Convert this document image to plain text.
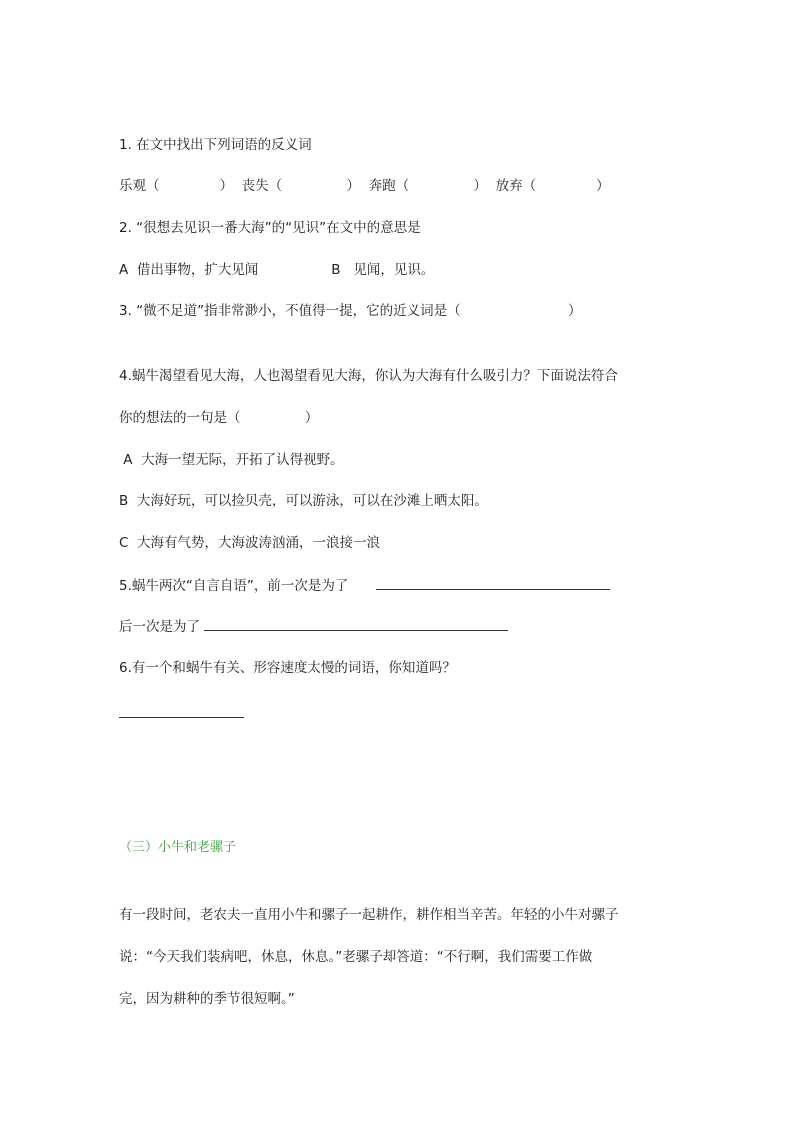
1. 在文中找出下列词语的反义词
乐观（              ）  丧失（               ）  奔跑（               ）  放弃（              ）
2. “很想去见识一番大海”的“见识”在文中的意思是
A  借出事物，扩大见闻                 B   见闻，见识。
3. “微不足道”指非常渺小，不值得一提，它的近义词是（                         ）
4.蜗牛渴望看见大海，人也渴望看见大海，你认为大海有什么吸引力？下面说法符合
你的想法的一句是（               ）
A  大海一望无际，开拓了认得视野。
B  大海好玩，可以捡贝壳，可以游泳，可以在沙滩上晒太阳。
C  大海有气势，大海波涛汹涌，一浪接一浪
5.蜗牛两次“自言自语”，前一次是为了
后一次是为了
6.有一个和蜗牛有关、形容速度太慢的词语，你知道吗？
（三）小牛和老骡子
有一段时间，老农夫一直用小牛和骡子一起耕作，耕作相当辛苦。年轻的小牛对骡子
说：“今天我们装病吧，休息，休息。”老骡子却答道：“不行啊，我们需要工作做
完，因为耕种的季节很短啊。”
